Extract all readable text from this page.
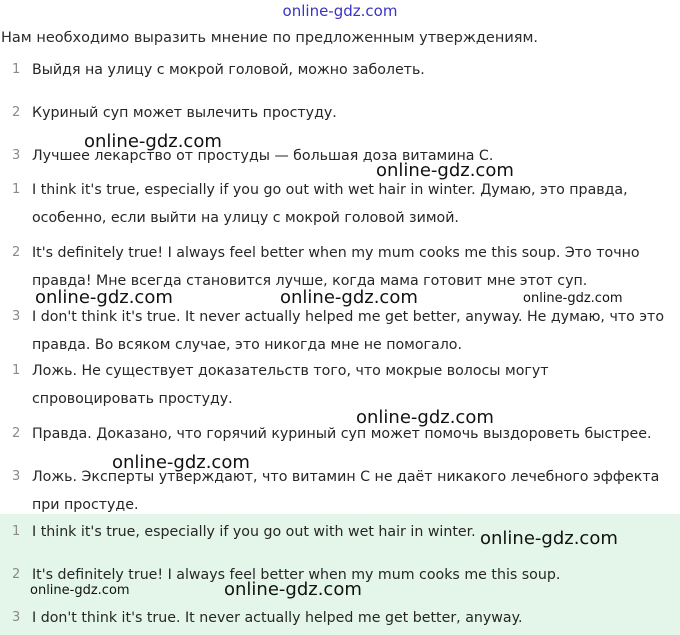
online-gdz.com
Нам необходимо выразить мнение по предложенным утверждениям.
1 Выйдя на улицу с мокрой головой, можно заболеть.
2 Куриный суп может вылечить простуду.
3 Лучшее лекарство от простуды — большая доза витамина С.
1 I think it's true, especially if you go out with wet hair in winter. Думаю, это правда, особенно, если выйти на улицу с мокрой головой зимой.
2 It's definitely true! I always feel better when my mum cooks me this soup. Это точно правда! Мне всегда становится лучше, когда мама готовит мне этот суп.
3 I don't think it's true. It never actually helped me get better, anyway. Не думаю, что это правда. Во всяком случае, это никогда мне не помогало.
1 Ложь. Не существует доказательств того, что мокрые волосы могут спровоцировать простуду.
2 Правда. Доказано, что горячий куриный суп может помочь выздороветь быстрее.
3 Ложь. Эксперты утверждают, что витамин С не даёт никакого лечебного эффекта при простуде.
1 I think it's true, especially if you go out with wet hair in winter.
2 It's definitely true! I always feel better when my mum cooks me this soup.
3 I don't think it's true. It never actually helped me get better, anyway.
online-gdz.com
online-gdz.com
online-gdz.com	online-gdz.com	online-gdz.com
online-gdz.com
online-gdz.com
online-gdz.com
online-gdz.com	online-gdz.com
